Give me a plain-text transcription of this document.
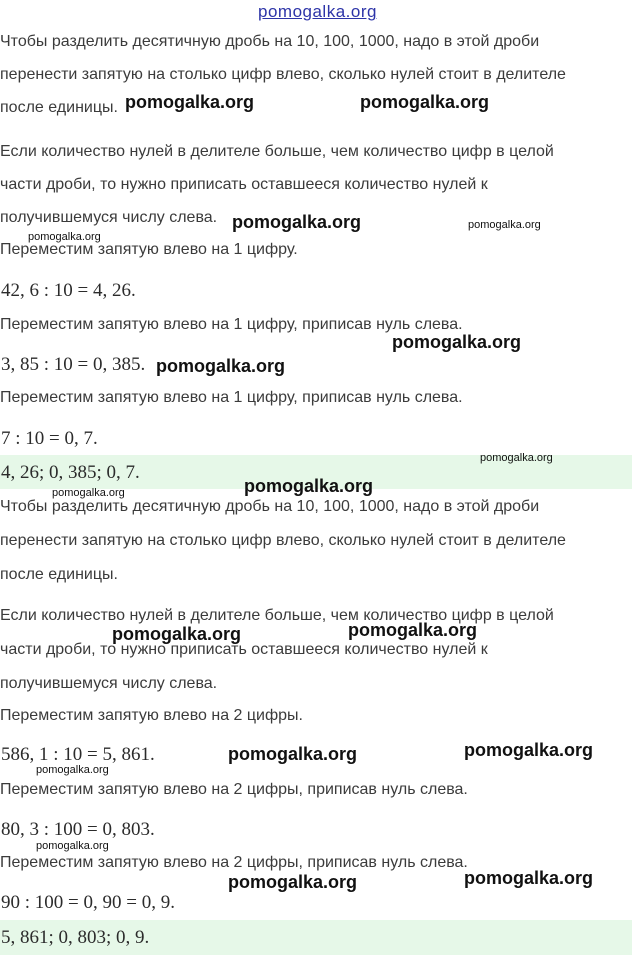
Чтобы разделить десятичную дробь на 10, 100, 1000, надо в этой дроби
перенести запятую на столько цифр влево, сколько нулей стоит в делителе
после единицы.
Если количество нулей в делителе больше, чем количество цифр в целой
части дроби, то нужно приписать оставшееся количество нулей к
получившемуся числу слева.
Переместим запятую влево на 1 цифру.
42, 6 : 10 = 4, 26.
Переместим запятую влево на 1 цифру, приписав нуль слева.
3, 85 : 10 = 0, 385.
Переместим запятую влево на 1 цифру, приписав нуль слева.
7 : 10 = 0, 7.
4, 26; 0, 385; 0, 7.
Чтобы разделить десятичную дробь на 10, 100, 1000, надо в этой дроби
перенести запятую на столько цифр влево, сколько нулей стоит в делителе
после единицы.
Если количество нулей в делителе больше, чем количество цифр в целой
части дроби, то нужно приписать оставшееся количество нулей к
получившемуся числу слева.
Переместим запятую влево на 2 цифры.
586, 1 : 10 = 5, 861.
Переместим запятую влево на 2 цифры, приписав нуль слева.
80, 3 : 100 = 0, 803.
Переместим запятую влево на 2 цифры, приписав нуль слева.
90 : 100 = 0, 90 = 0, 9.
5, 861; 0, 803; 0, 9.
pomogalka.org
pomogalka.org	pomogalka.org
pomogalka.org	pomogalka.org
pomogalka.org
pomogalka.org
pomogalka.org
pomogalka.org
pomogalka.org
pomogalka.org
pomogalka.org
pomogalka.org
pomogalka.org
pomogalka.org
pomogalka.org
pomogalka.org
pomogalka.org
pomogalka.org
